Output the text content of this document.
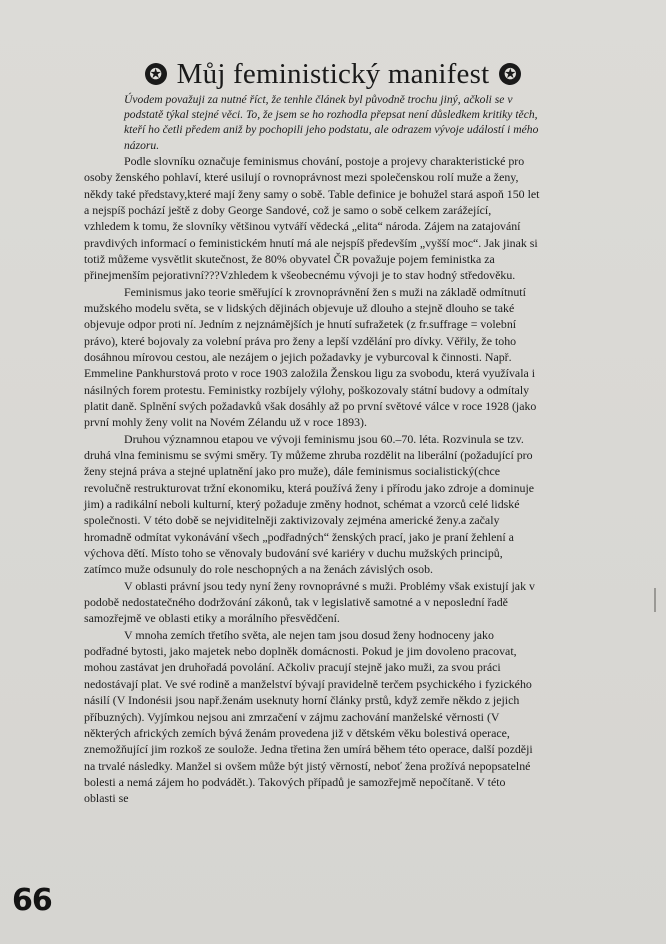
✪ Můj feministický manifest ✪

Úvodem považuji za nutné říct, že tenhle článek byl původně trochu jiný, ačkoli se v podstatě týkal stejné věci. To, že jsem se ho rozhodla přepsat není důsledkem kritiky těch, kteří ho četli předem aniž by pochopili jeho podstatu, ale odrazem vývoje událostí i mého názoru.

Podle slovníku označuje feminismus chování, postoje a projevy charakteristické pro osoby ženského pohlaví, které usilují o rovnoprávnost mezi společenskou rolí muže a ženy, někdy také představy,které mají ženy samy o sobě. Table definice je bohužel stará aspoň 150 let a nejspíš pochází ještě z doby George Sandové, což je samo o sobě celkem zarážející, vzhledem k tomu, že slovníky většinou vytváří vědecká „elita“ národa. Zájem na zatajování pravdivých informací o feministickém hnutí má ale nejspíš především „vyšší moc“. Jak jinak si totiž můžeme vysvětlit skutečnost, že 80% obyvatel ČR považuje pojem feministka za přinejmenším pejorativní???Vzhledem k všeobecnému vývoji je to stav hodný středověku.

Feminismus jako teorie směřující k zrovnoprávnění žen s muži na základě odmítnutí mužského modelu světa, se v lidských dějinách objevuje už dlouho a stejně dlouho se také objevuje odpor proti ní. Jedním z nejznámějších je hnutí sufražetek (z fr.suffrage = volební právo), které bojovaly za volební práva pro ženy a lepší vzdělání pro dívky. Věřily, že toho dosáhnou mírovou cestou, ale nezájem o jejich požadavky je vyburcoval k činnosti. Např. Emmeline Pankhurstová proto v roce 1903 založila Ženskou ligu za svobodu, která využívala i násilných forem protestu. Feministky rozbíjely výlohy, poškozovaly státní budovy a odmítaly platit daně. Splnění svých požadavků však dosáhly až po první světové válce v roce 1928 (jako první mohly ženy volit na Novém Zélandu už v roce 1893).

Druhou významnou etapou ve vývoji feminismu jsou 60.–70. léta. Rozvinula se tzv. druhá vlna feminismu se svými směry. Ty můžeme zhruba rozdělit na liberální (požadující pro ženy stejná práva a stejné uplatnění jako pro muže), dále feminismus socialistický(chce revolučně restrukturovat tržní ekonomiku, která používá ženy i přírodu jako zdroje a dominuje jim) a radikální neboli kulturní, který požaduje změny hodnot, schémat a vzorců celé lidské společnosti. V této době se nejviditelněji zaktivizovaly zejména americké ženy.a začaly hromadně odmítat vykonávání všech „podřadných“ ženských prací, jako je praní žehlení a výchova dětí. Místo toho se věnovaly budování své kariéry v duchu mužských principů, zatímco muže odsunuly do role neschopných a na ženách závislých osob.

V oblasti právní jsou tedy nyní ženy rovnoprávné s muži. Problémy však existují jak v podobě nedostatečného dodržování zákonů, tak v legislativě samotné a v neposlední řadě samozřejmě ve oblasti etiky a morálního přesvědčení.

V mnoha zemích třetího světa, ale nejen tam jsou dosud ženy hodnoceny jako podřadné bytosti, jako majetek nebo doplněk domácnosti. Pokud je jim dovoleno pracovat, mohou zastávat jen druhořadá povolání. Ačkoliv pracují stejně jako muži, za svou práci nedostávají plat. Ve své rodině a manželství bývají pravidelně terčem psychického i fyzického násilí (V Indonésii jsou např.ženám useknuty horní články prstů, když zemře někdo z jejich příbuzných). Vyjímkou nejsou ani zmrzačení v zájmu zachování manželské věrnosti (V některých afrických zemích bývá ženám provedena již v dětském věku bolestivá operace, znemožňující jim rozkoš ze soulože. Jedna třetina žen umírá během této operace, další později na trvalé následky. Manžel si ovšem může být jistý věrností, neboť žena prožívá nepopsatelné bolesti a nemá zájem ho podvádět.). Takových případů je samozřejmě nepočítaně. V této oblasti se

66
